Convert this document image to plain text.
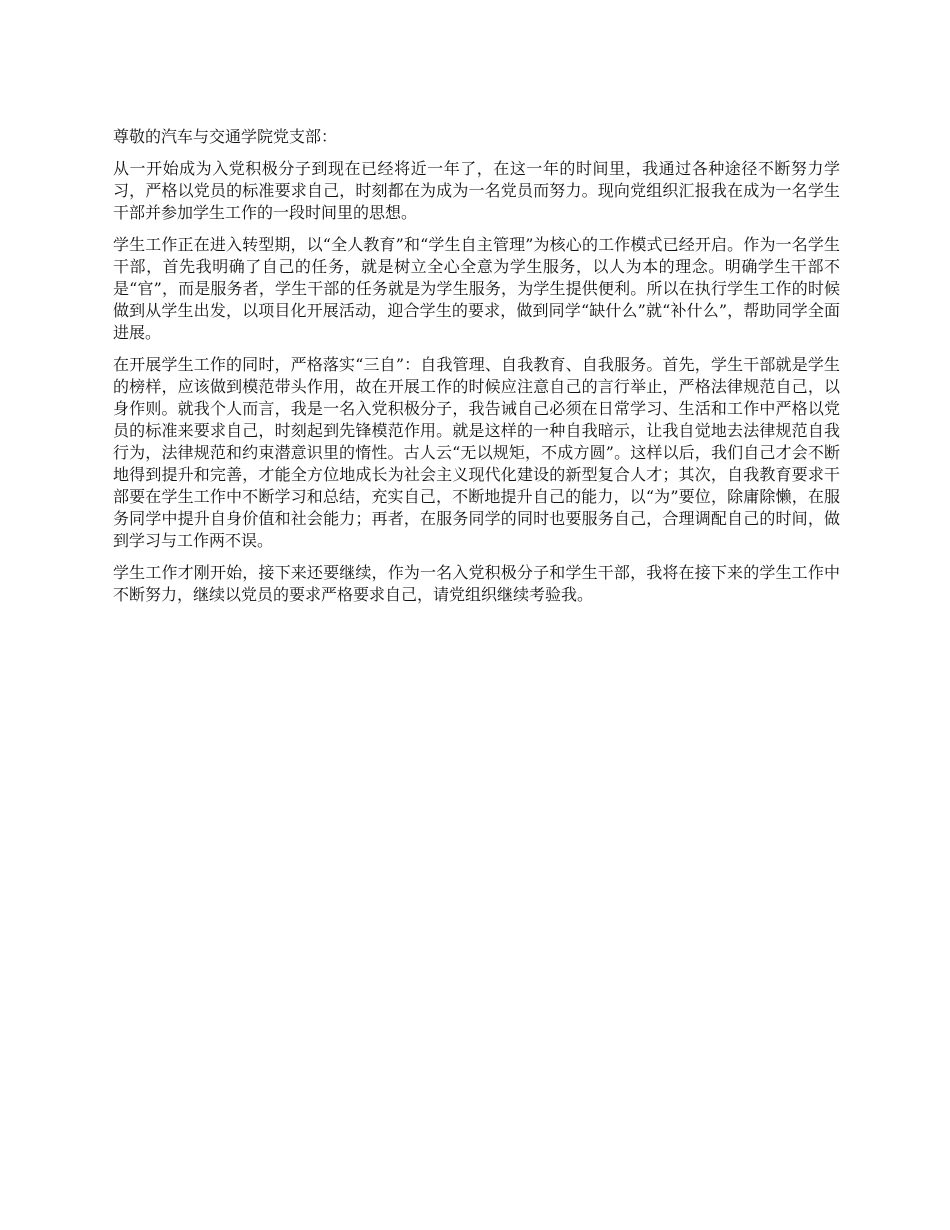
尊敬的汽车与交通学院党支部：

从一开始成为入党积极分子到现在已经将近一年了，在这一年的时间里，我通过各种途径不断努力学习，严格以党员的标准要求自己，时刻都在为成为一名党员而努力。现向党组织汇报我在成为一名学生干部并参加学生工作的一段时间里的思想。

学生工作正在进入转型期，以“全人教育”和“学生自主管理”为核心的工作模式已经开启。作为一名学生干部，首先我明确了自己的任务，就是树立全心全意为学生服务，以人为本的理念。明确学生干部不是“官”，而是服务者，学生干部的任务就是为学生服务，为学生提供便利。所以在执行学生工作的时候做到从学生出发，以项目化开展活动，迎合学生的要求，做到同学“缺什么”就“补什么”，帮助同学全面进展。

在开展学生工作的同时，严格落实“三自”：自我管理、自我教育、自我服务。首先，学生干部就是学生的榜样，应该做到模范带头作用，故在开展工作的时候应注意自己的言行举止，严格法律规范自己，以身作则。就我个人而言，我是一名入党积极分子，我告诫自己必须在日常学习、生活和工作中严格以党员的标准来要求自己，时刻起到先锋模范作用。就是这样的一种自我暗示，让我自觉地去法律规范自我行为，法律规范和约束潜意识里的惰性。古人云“无以规矩，不成方圆”。这样以后，我们自己才会不断地得到提升和完善，才能全方位地成长为社会主义现代化建设的新型复合人才；其次，自我教育要求干部要在学生工作中不断学习和总结，充实自己，不断地提升自己的能力，以“为”要位，除庸除懒，在服务同学中提升自身价值和社会能力；再者，在服务同学的同时也要服务自己，合理调配自己的时间，做到学习与工作两不误。

学生工作才刚开始，接下来还要继续，作为一名入党积极分子和学生干部，我将在接下来的学生工作中不断努力，继续以党员的要求严格要求自己，请党组织继续考验我。
